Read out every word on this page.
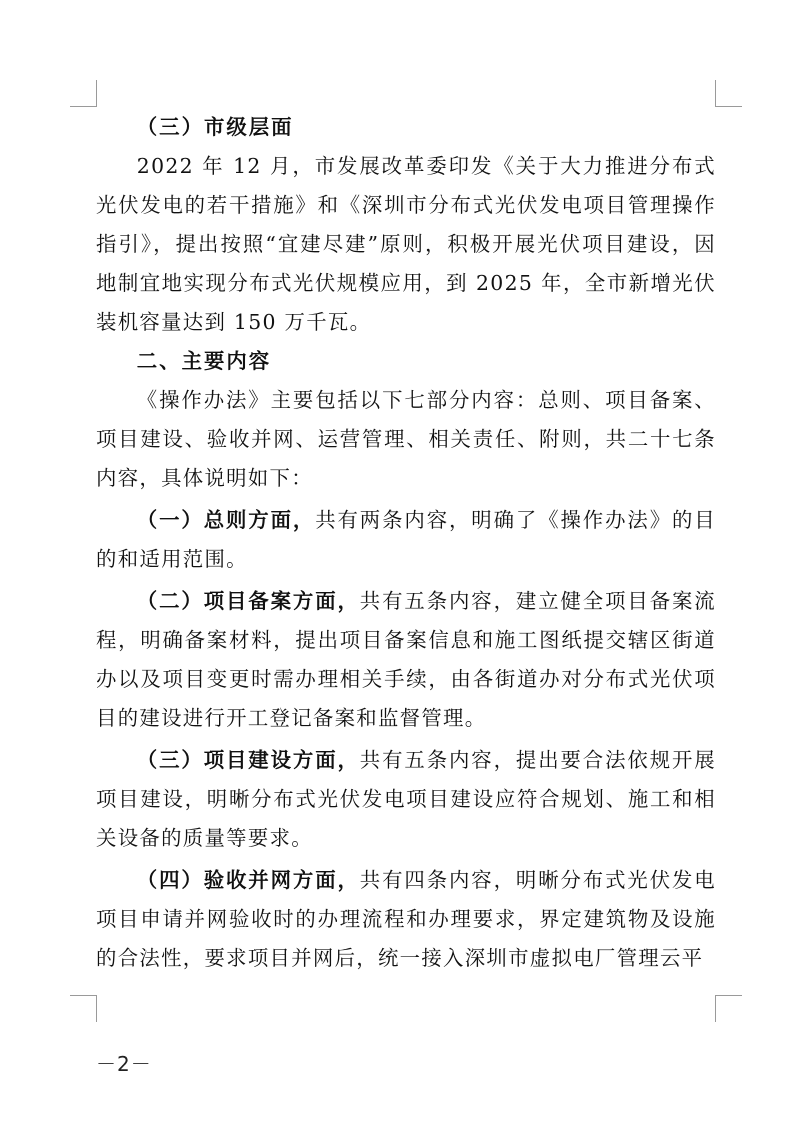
（三）市级层面

2022 年 12 月，市发展改革委印发《关于大力推进分布式光伏发电的若干措施》和《深圳市分布式光伏发电项目管理操作指引》，提出按照“宜建尽建”原则，积极开展光伏项目建设，因地制宜地实现分布式光伏规模应用，到 2025 年，全市新增光伏装机容量达到 150 万千瓦。

二、主要内容

《操作办法》主要包括以下七部分内容：总则、项目备案、项目建设、验收并网、运营管理、相关责任、附则，共二十七条内容，具体说明如下：

（一）总则方面，共有两条内容，明确了《操作办法》的目的和适用范围。

（二）项目备案方面，共有五条内容，建立健全项目备案流程，明确备案材料，提出项目备案信息和施工图纸提交辖区街道办以及项目变更时需办理相关手续，由各街道办对分布式光伏项目的建设进行开工登记备案和监督管理。

（三）项目建设方面，共有五条内容，提出要合法依规开展项目建设，明晰分布式光伏发电项目建设应符合规划、施工和相关设备的质量等要求。

（四）验收并网方面，共有四条内容，明晰分布式光伏发电项目申请并网验收时的办理流程和办理要求，界定建筑物及设施的合法性，要求项目并网后，统一接入深圳市虚拟电厂管理云平

－2－
